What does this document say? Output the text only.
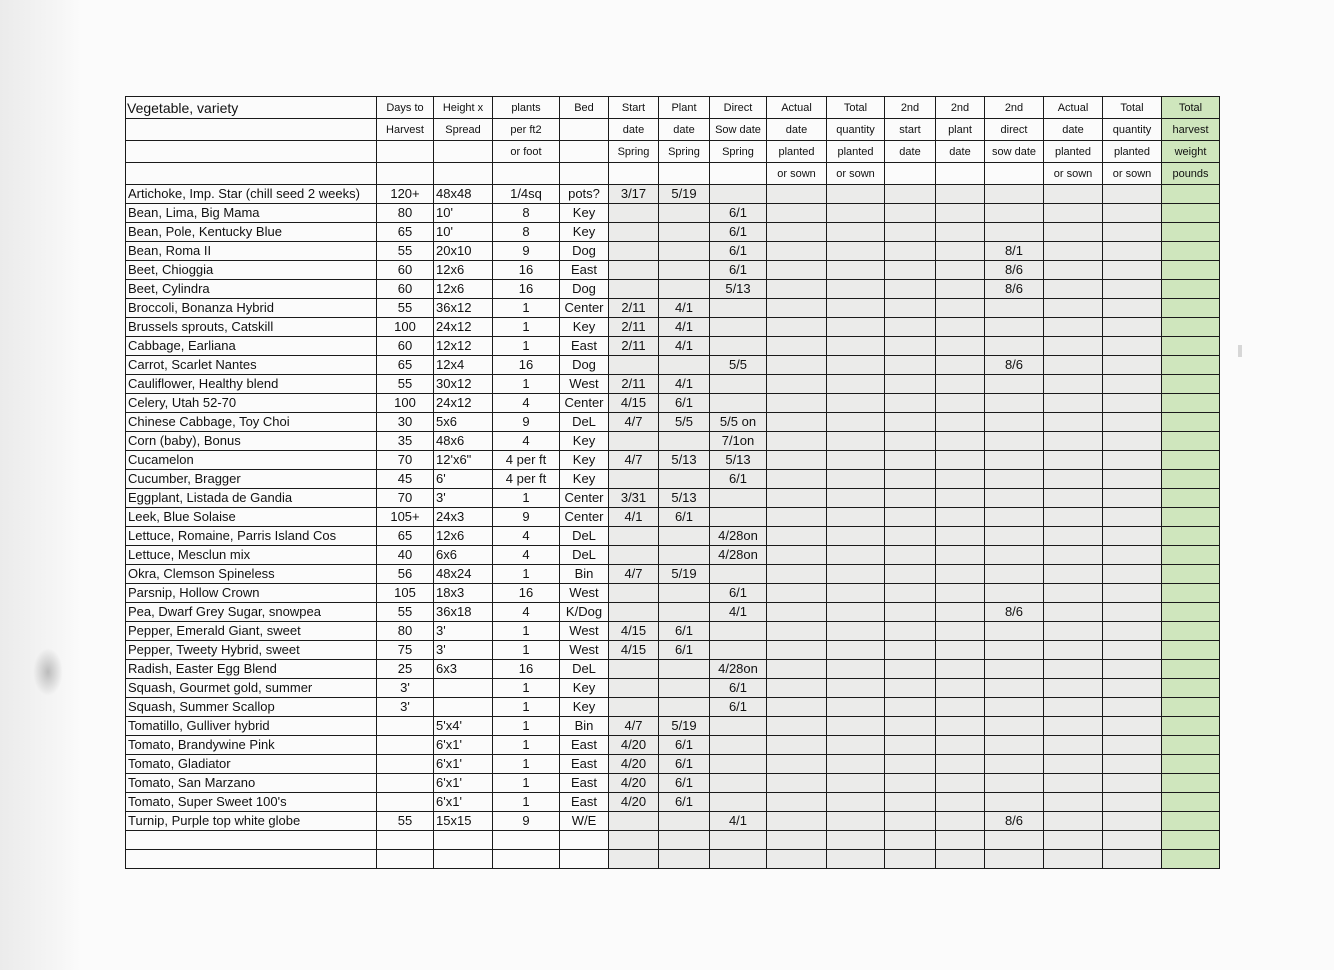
Vegetable, variety	Days to	Height x	plants	Bed	Start	Plant	Direct	Actual	Total	2nd	2nd	2nd	Actual	Total	Total
	Harvest	Spread	per ft2		date	date	Sow date	date	quantity	start	plant	direct	date	quantity	harvest
			or foot		Spring	Spring	Spring	planted	planted	date	date	sow date	planted	planted	weight
								or sown	or sown				or sown	or sown	pounds
Artichoke, Imp. Star (chill seed 2 weeks)	120+	48x48	1/4sq	pots?	3/17	5/19									
Bean, Lima, Big Mama	80	10'	8	Key			6/1								
Bean, Pole, Kentucky Blue	65	10'	8	Key			6/1								
Bean, Roma II	55	20x10	9	Dog			6/1					8/1			
Beet, Chioggia	60	12x6	16	East			6/1					8/6			
Beet, Cylindra	60	12x6	16	Dog			5/13					8/6			
Broccoli, Bonanza Hybrid	55	36x12	1	Center	2/11	4/1									
Brussels sprouts, Catskill	100	24x12	1	Key	2/11	4/1									
Cabbage, Earliana	60	12x12	1	East	2/11	4/1									
Carrot, Scarlet Nantes	65	12x4	16	Dog			5/5					8/6			
Cauliflower, Healthy blend	55	30x12	1	West	2/11	4/1									
Celery, Utah 52-70	100	24x12	4	Center	4/15	6/1									
Chinese Cabbage, Toy Choi	30	5x6	9	DeL	4/7	5/5	5/5 on								
Corn (baby), Bonus	35	48x6	4	Key			7/1on								
Cucamelon	70	12'x6"	4 per ft	Key	4/7	5/13	5/13								
Cucumber, Bragger	45	6'	4 per ft	Key			6/1								
Eggplant, Listada de Gandia	70	3'	1	Center	3/31	5/13									
Leek, Blue Solaise	105+	24x3	9	Center	4/1	6/1									
Lettuce, Romaine, Parris Island Cos	65	12x6	4	DeL			4/28on								
Lettuce, Mesclun mix	40	6x6	4	DeL			4/28on								
Okra, Clemson Spineless	56	48x24	1	Bin	4/7	5/19									
Parsnip, Hollow Crown	105	18x3	16	West			6/1								
Pea, Dwarf Grey Sugar, snowpea	55	36x18	4	K/Dog			4/1					8/6			
Pepper, Emerald Giant, sweet	80	3'	1	West	4/15	6/1									
Pepper, Tweety Hybrid, sweet	75	3'	1	West	4/15	6/1									
Radish, Easter Egg Blend	25	6x3	16	DeL			4/28on								
Squash, Gourmet gold, summer	3'		1	Key			6/1								
Squash, Summer Scallop	3'		1	Key			6/1								
Tomatillo, Gulliver hybrid		5'x4'	1	Bin	4/7	5/19									
Tomato, Brandywine Pink		6'x1'	1	East	4/20	6/1									
Tomato, Gladiator		6'x1'	1	East	4/20	6/1									
Tomato, San Marzano		6'x1'	1	East	4/20	6/1									
Tomato, Super Sweet 100's		6'x1'	1	East	4/20	6/1									
Turnip, Purple top white globe	55	15x15	9	W/E			4/1					8/6			
